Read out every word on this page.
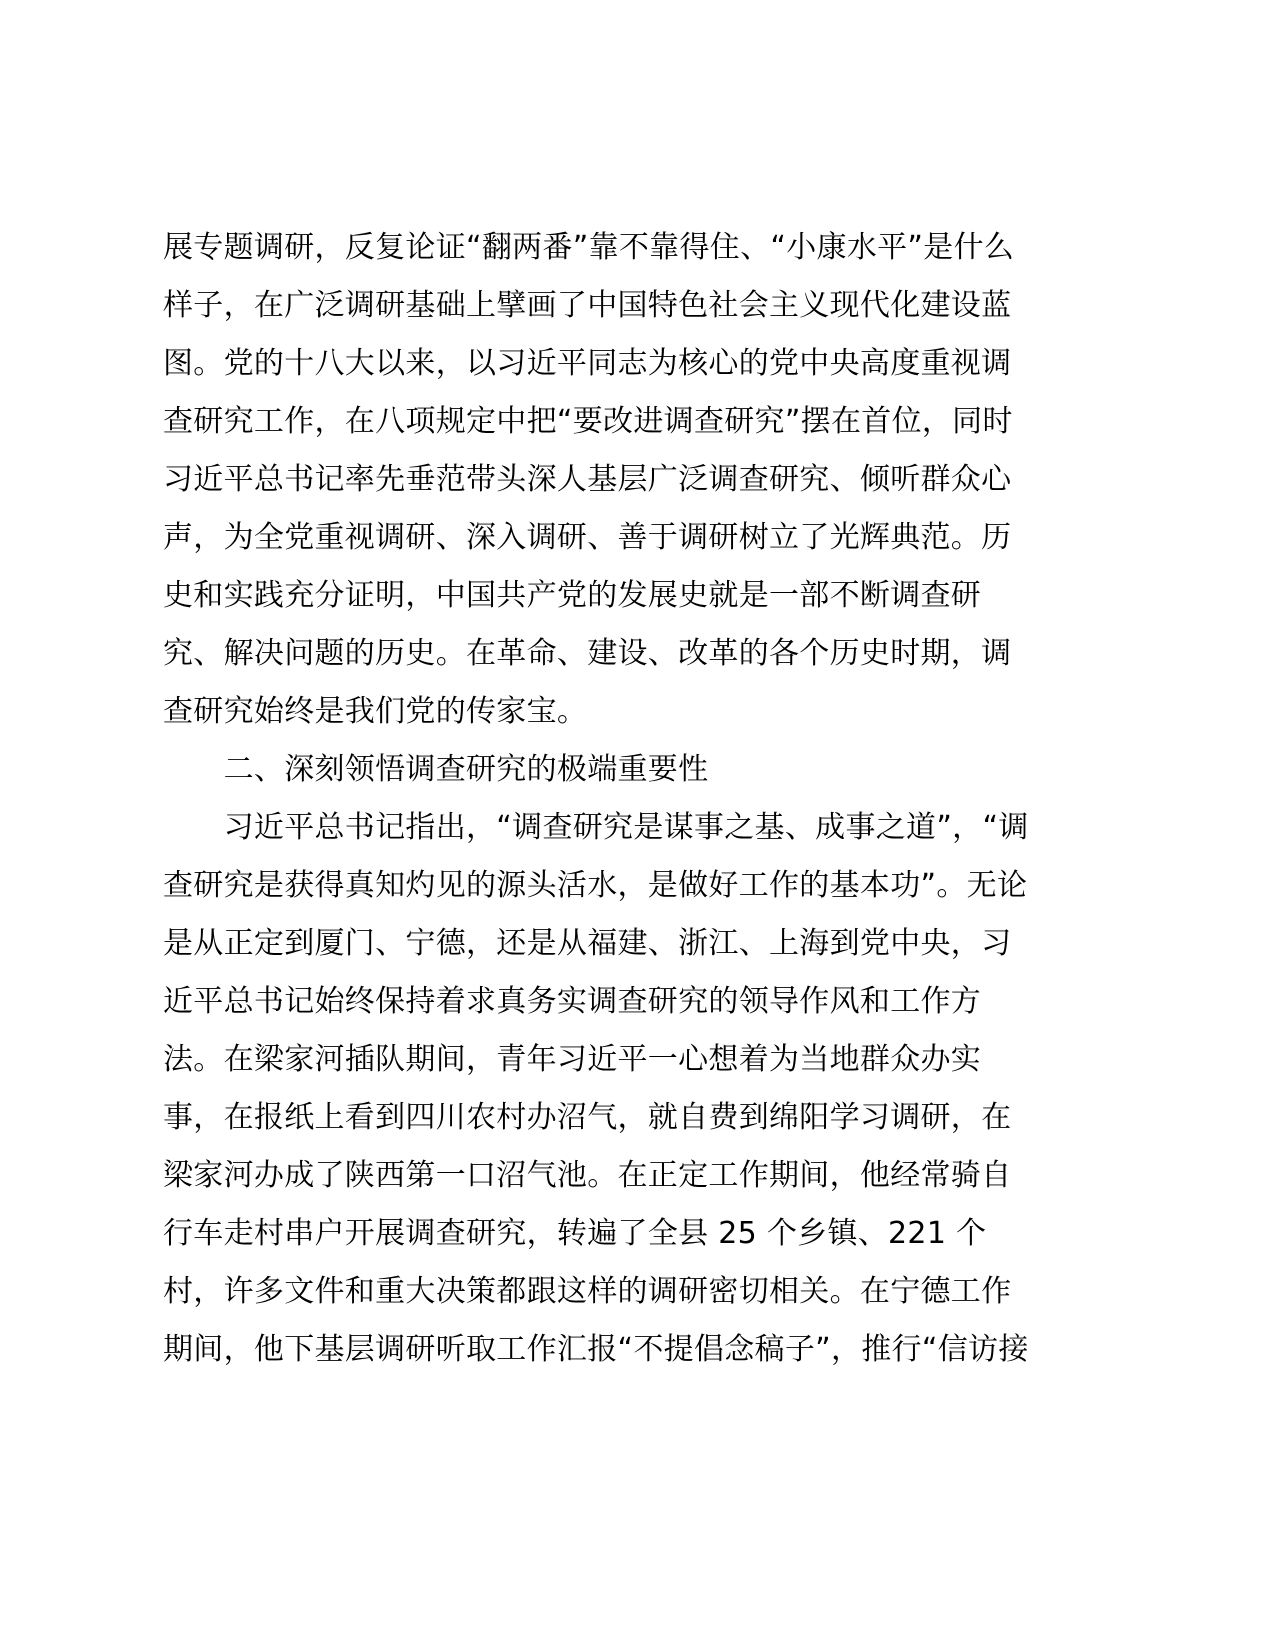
展专题调研，反复论证“翻两番”靠不靠得住、“小康水平”是什么
样子，在广泛调研基础上擘画了中国特色社会主义现代化建设蓝
图。党的十八大以来，以习近平同志为核心的党中央高度重视调
查研究工作，在八项规定中把“要改进调查研究”摆在首位，同时
习近平总书记率先垂范带头深人基层广泛调查研究、倾听群众心
声，为全党重视调研、深入调研、善于调研树立了光辉典范。历
史和实践充分证明，中国共产党的发展史就是一部不断调查研
究、解决问题的历史。在革命、建设、改革的各个历史时期，调
查研究始终是我们党的传家宝。
　　二、深刻领悟调查研究的极端重要性
　　习近平总书记指出，“调查研究是谋事之基、成事之道”，“调
查研究是获得真知灼见的源头活水，是做好工作的基本功”。无论
是从正定到厦门、宁德，还是从福建、浙江、上海到党中央，习
近平总书记始终保持着求真务实调查研究的领导作风和工作方
法。在梁家河插队期间，青年习近平一心想着为当地群众办实
事，在报纸上看到四川农村办沼气，就自费到绵阳学习调研，在
梁家河办成了陕西第一口沼气池。在正定工作期间，他经常骑自
行车走村串户开展调查研究，转遍了全县 25 个乡镇、221 个
村，许多文件和重大决策都跟这样的调研密切相关。在宁德工作
期间，他下基层调研听取工作汇报“不提倡念稿子”，推行“信访接
